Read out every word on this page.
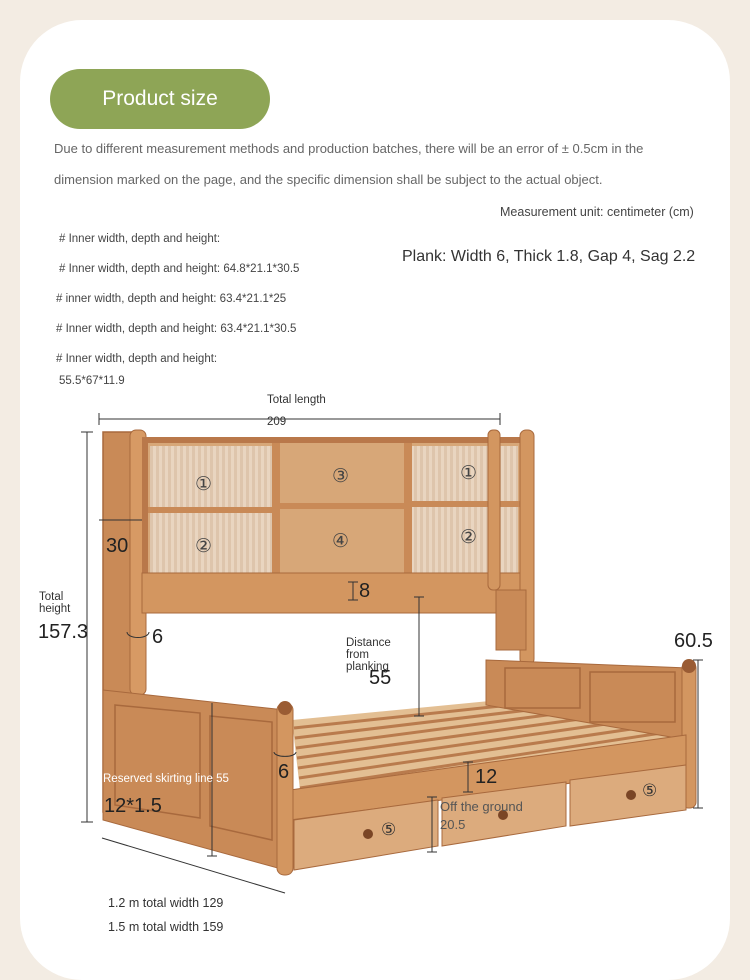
Product size
Due to different measurement methods and production batches, there will be an error of ± 0.5cm in the
dimension marked on the page, and the specific dimension shall be subject to the actual object.
Measurement unit: centimeter (cm)
Plank: Width 6, Thick 1.8, Gap 4, Sag 2.2
# Inner width, depth and height:
# Inner width, depth and height: 64.8*21.1*30.5
# inner width, depth and height: 63.4*21.1*25
# Inner width, depth and height: 63.4*21.1*30.5
# Inner width, depth and height:
55.5*67*11.9
①
②
③
④
①
②
⑤
⑤
Total length
209
30
Total
height
157.3	6
8
Distance
from
planking
55
60.5
6	12
Reserved skirting line 55
12*1.5	Off the ground
20.5
1.2 m total width 129
1.5 m total width 159
